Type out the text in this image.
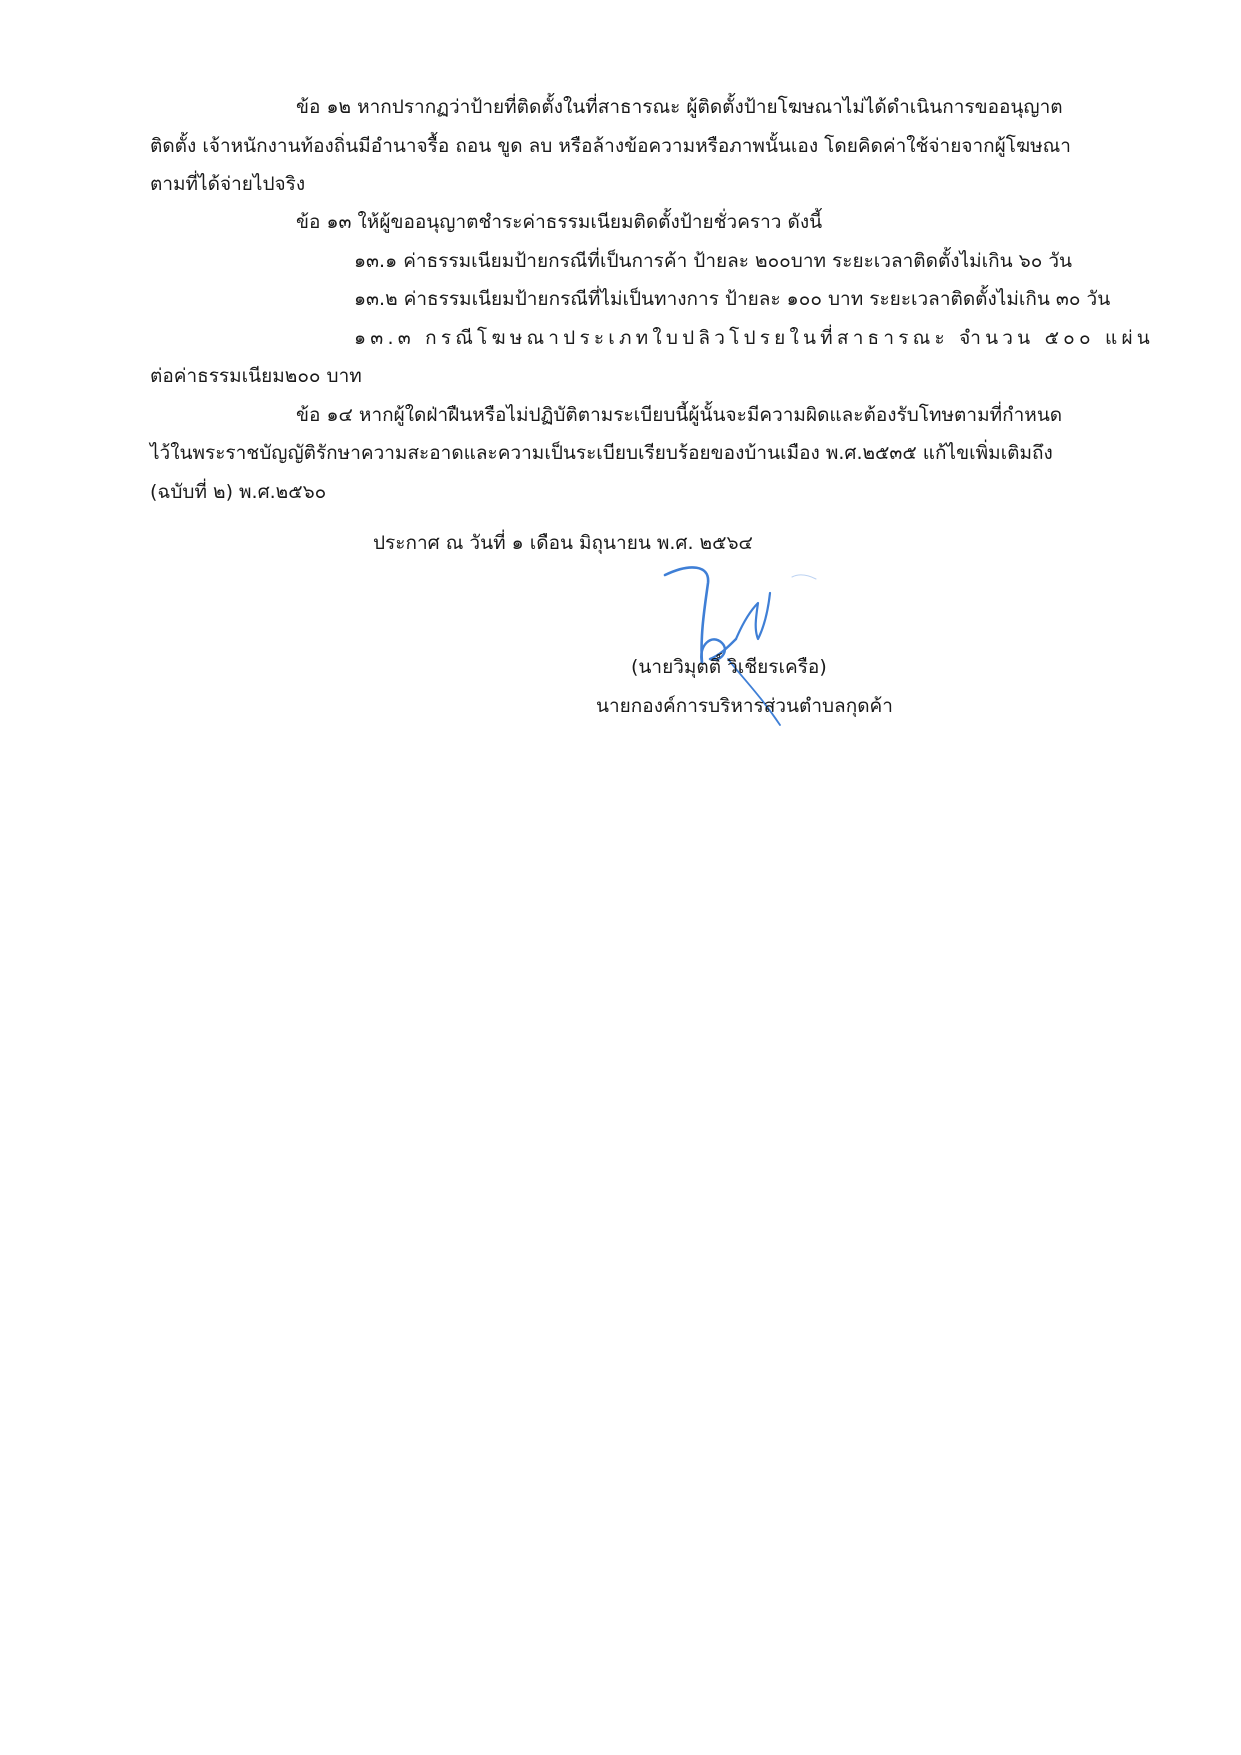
ข้อ ๑๒ หากปรากฏว่าป้ายที่ติดตั้งในที่สาธารณะ ผู้ติดตั้งป้ายโฆษณาไม่ได้ดำเนินการขออนุญาต
ติดตั้ง เจ้าหนักงานท้องถิ่นมีอำนาจรื้อ ถอน ขูด ลบ หรือล้างข้อความหรือภาพนั้นเอง โดยคิดค่าใช้จ่ายจากผู้โฆษณา
ตามที่ได้จ่ายไปจริง
ข้อ ๑๓ ให้ผู้ขออนุญาตชำระค่าธรรมเนียมติดตั้งป้ายชั่วคราว ดังนี้
๑๓.๑ ค่าธรรมเนียมป้ายกรณีที่เป็นการค้า ป้ายละ ๒๐๐บาท ระยะเวลาติดตั้งไม่เกิน ๖๐ วัน
๑๓.๒ ค่าธรรมเนียมป้ายกรณีที่ไม่เป็นทางการ ป้ายละ ๑๐๐ บาท ระยะเวลาติดตั้งไม่เกิน ๓๐ วัน
๑๓.๓ กรณีโฆษณาประเภทใบปลิวโปรยในที่สาธารณะ จำนวน ๕๐๐ แผ่น
ต่อค่าธรรมเนียม๒๐๐ บาท
ข้อ ๑๔ หากผู้ใดฝ่าฝืนหรือไม่ปฏิบัติตามระเบียบนี้ผู้นั้นจะมีความผิดและต้องรับโทษตามที่กำหนด
ไว้ในพระราชบัญญัติรักษาความสะอาดและความเป็นระเบียบเรียบร้อยของบ้านเมือง พ.ศ.๒๕๓๕ แก้ไขเพิ่มเติมถึง
(ฉบับที่ ๒) พ.ศ.๒๕๖๐
ประกาศ ณ วันที่ ๑ เดือน มิถุนายน พ.ศ. ๒๕๖๔
(นายวิมุตติ์ วิเชียรเครือ)
นายกองค์การบริหารส่วนตำบลกุดค้า
